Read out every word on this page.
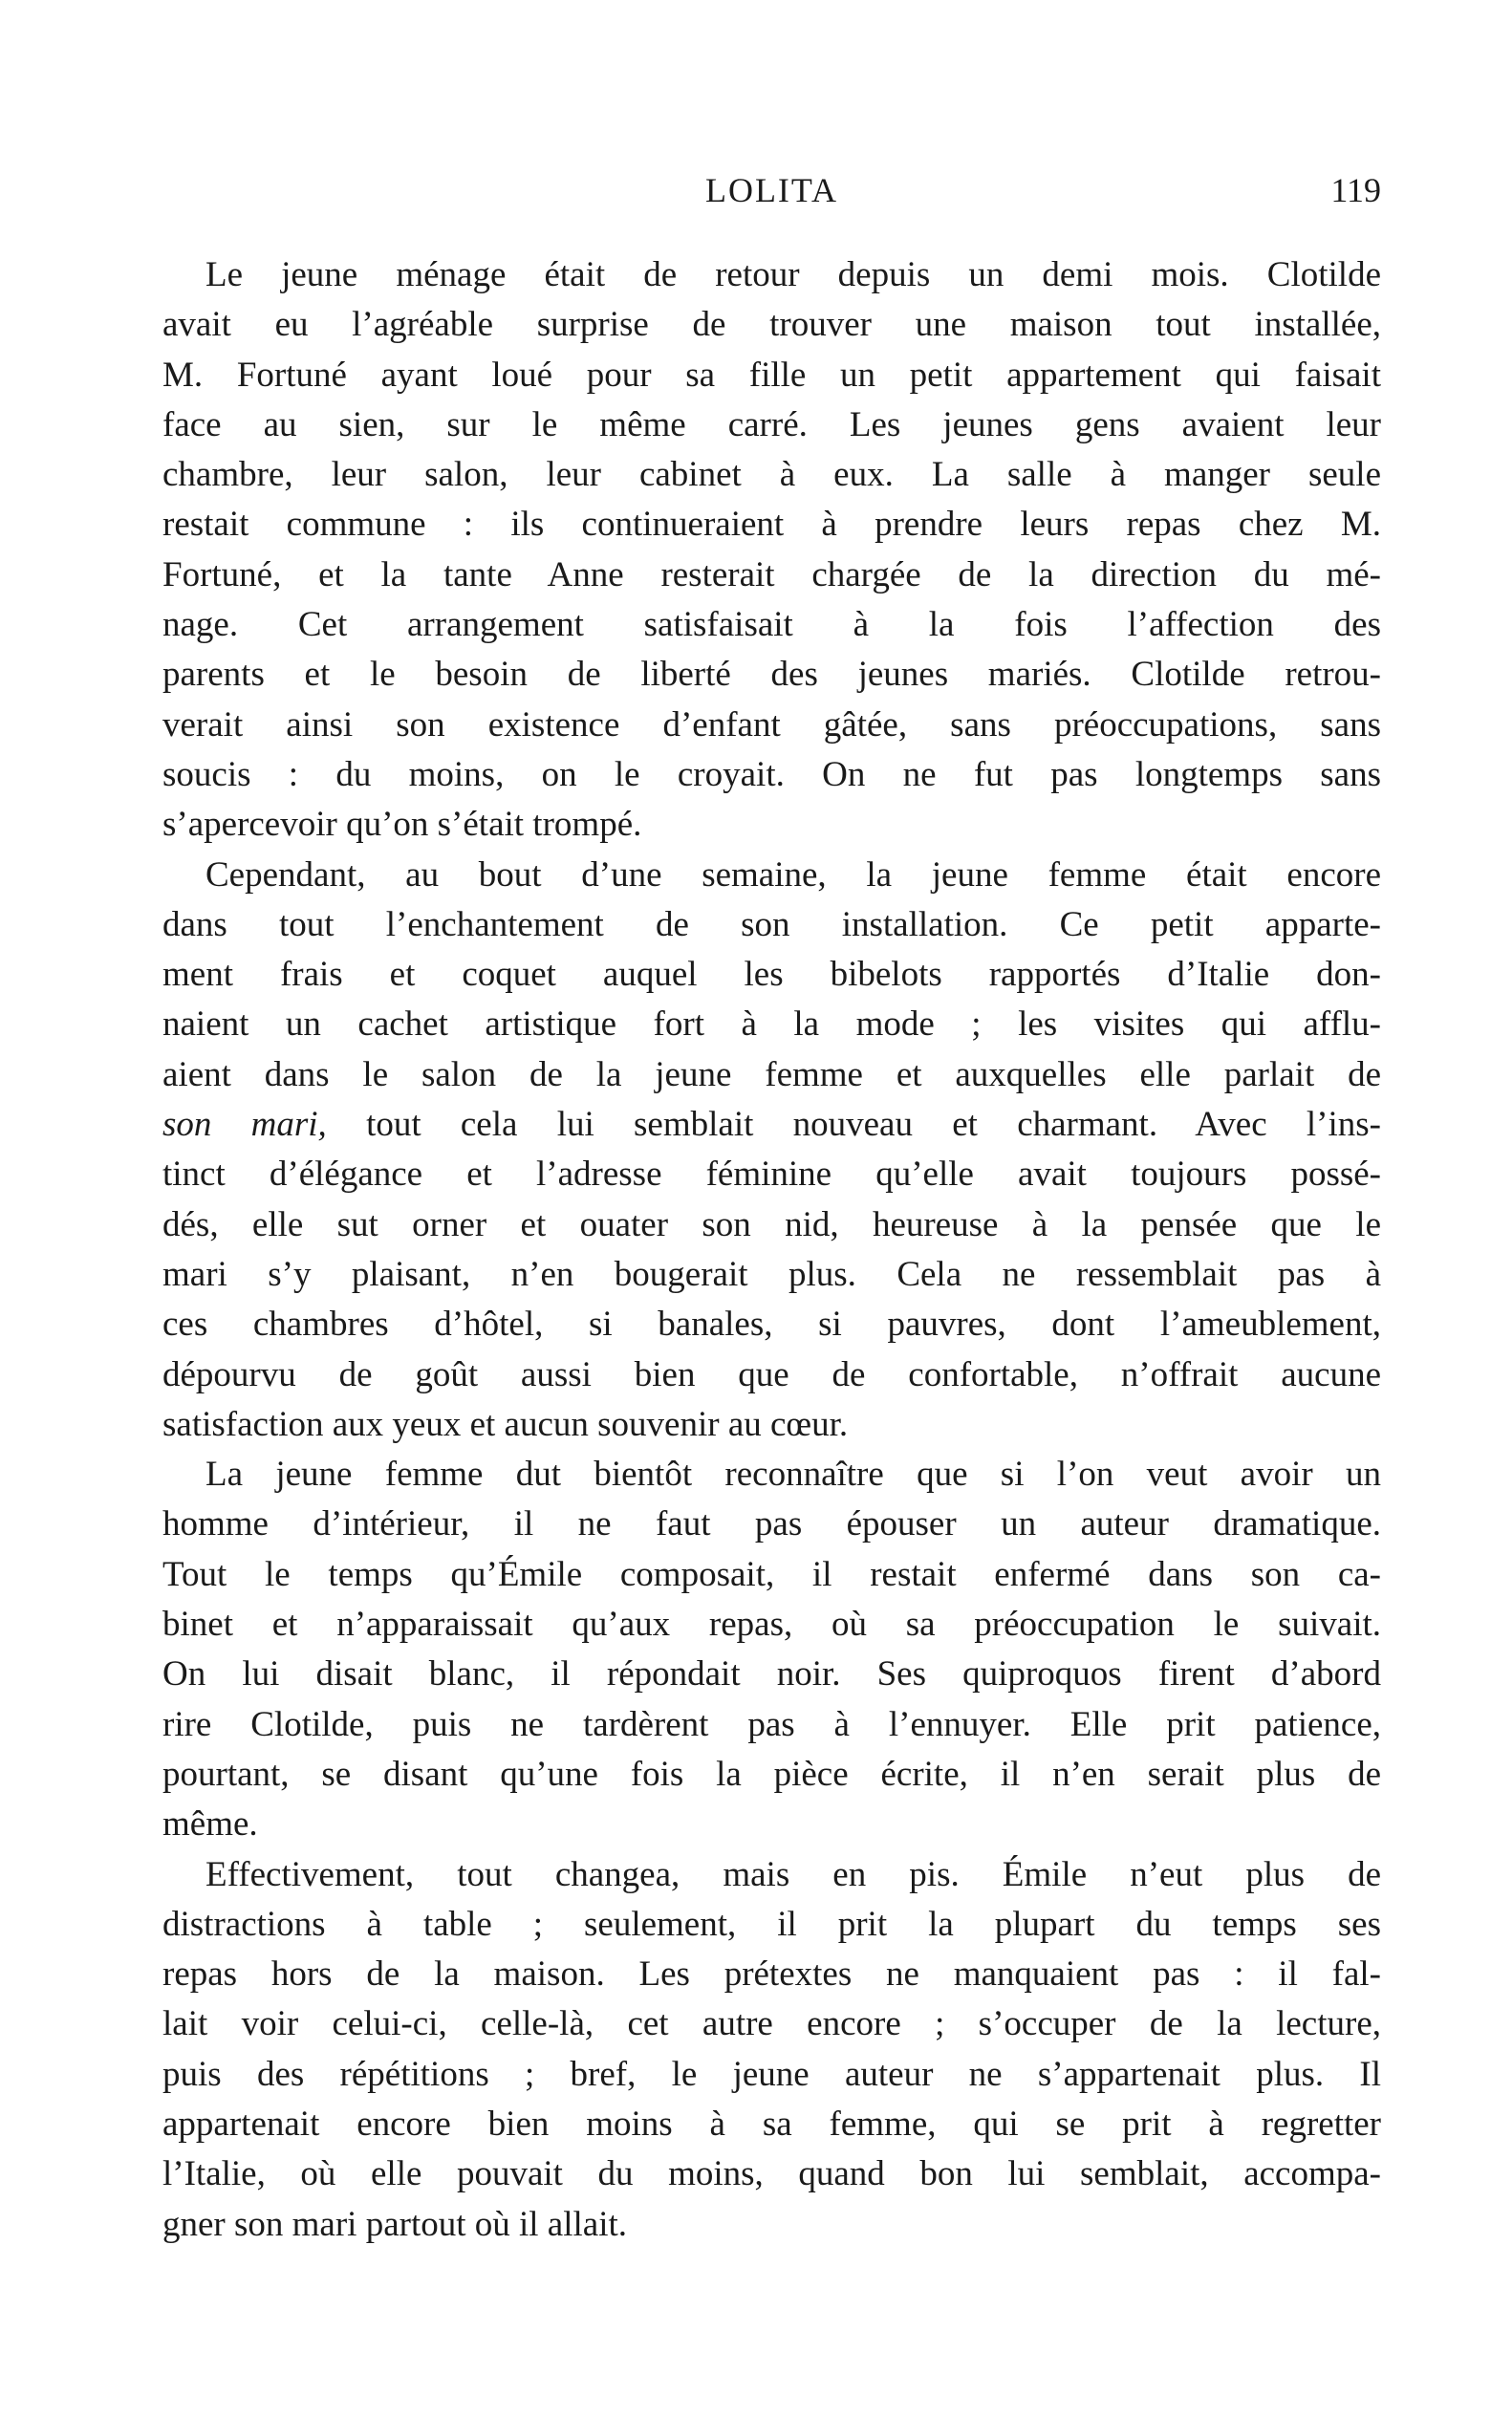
LOLITA	119

Le jeune ménage était de retour depuis un demi mois. Clotilde
avait eu l’agréable surprise de trouver une maison tout installée,
M. Fortuné ayant loué pour sa fille un petit appartement qui faisait
face au sien, sur le même carré. Les jeunes gens avaient leur
chambre, leur salon, leur cabinet à eux. La salle à manger seule
restait commune : ils continueraient à prendre leurs repas chez M.
Fortuné, et la tante Anne resterait chargée de la direction du mé-
nage. Cet arrangement satisfaisait à la fois l’affection des
parents et le besoin de liberté des jeunes mariés. Clotilde retrou-
verait ainsi son existence d’enfant gâtée, sans préoccupations, sans
soucis : du moins, on le croyait. On ne fut pas longtemps sans
s’apercevoir qu’on s’était trompé.

Cependant, au bout d’une semaine, la jeune femme était encore
dans tout l’enchantement de son installation. Ce petit apparte-
ment frais et coquet auquel les bibelots rapportés d’Italie don-
naient un cachet artistique fort à la mode ; les visites qui afflu-
aient dans le salon de la jeune femme et auxquelles elle parlait de
son mari, tout cela lui semblait nouveau et charmant. Avec l’ins-
tinct d’élégance et l’adresse féminine qu’elle avait toujours possé-
dés, elle sut orner et ouater son nid, heureuse à la pensée que le
mari s’y plaisant, n’en bougerait plus. Cela ne ressemblait pas à
ces chambres d’hôtel, si banales, si pauvres, dont l’ameublement,
dépourvu de goût aussi bien que de confortable, n’offrait aucune
satisfaction aux yeux et aucun souvenir au cœur.

La jeune femme dut bientôt reconnaître que si l’on veut avoir un
homme d’intérieur, il ne faut pas épouser un auteur dramatique.
Tout le temps qu’Émile composait, il restait enfermé dans son ca-
binet et n’apparaissait qu’aux repas, où sa préoccupation le suivait.
On lui disait blanc, il répondait noir. Ses quiproquos firent d’abord
rire Clotilde, puis ne tardèrent pas à l’ennuyer. Elle prit patience,
pourtant, se disant qu’une fois la pièce écrite, il n’en serait plus de
même.

Effectivement, tout changea, mais en pis. Émile n’eut plus de
distractions à table ; seulement, il prit la plupart du temps ses
repas hors de la maison. Les prétextes ne manquaient pas : il fal-
lait voir celui-ci, celle-là, cet autre encore ; s’occuper de la lecture,
puis des répétitions ; bref, le jeune auteur ne s’appartenait plus. Il
appartenait encore bien moins à sa femme, qui se prit à regretter
l’Italie, où elle pouvait du moins, quand bon lui semblait, accompa-
gner son mari partout où il allait.
